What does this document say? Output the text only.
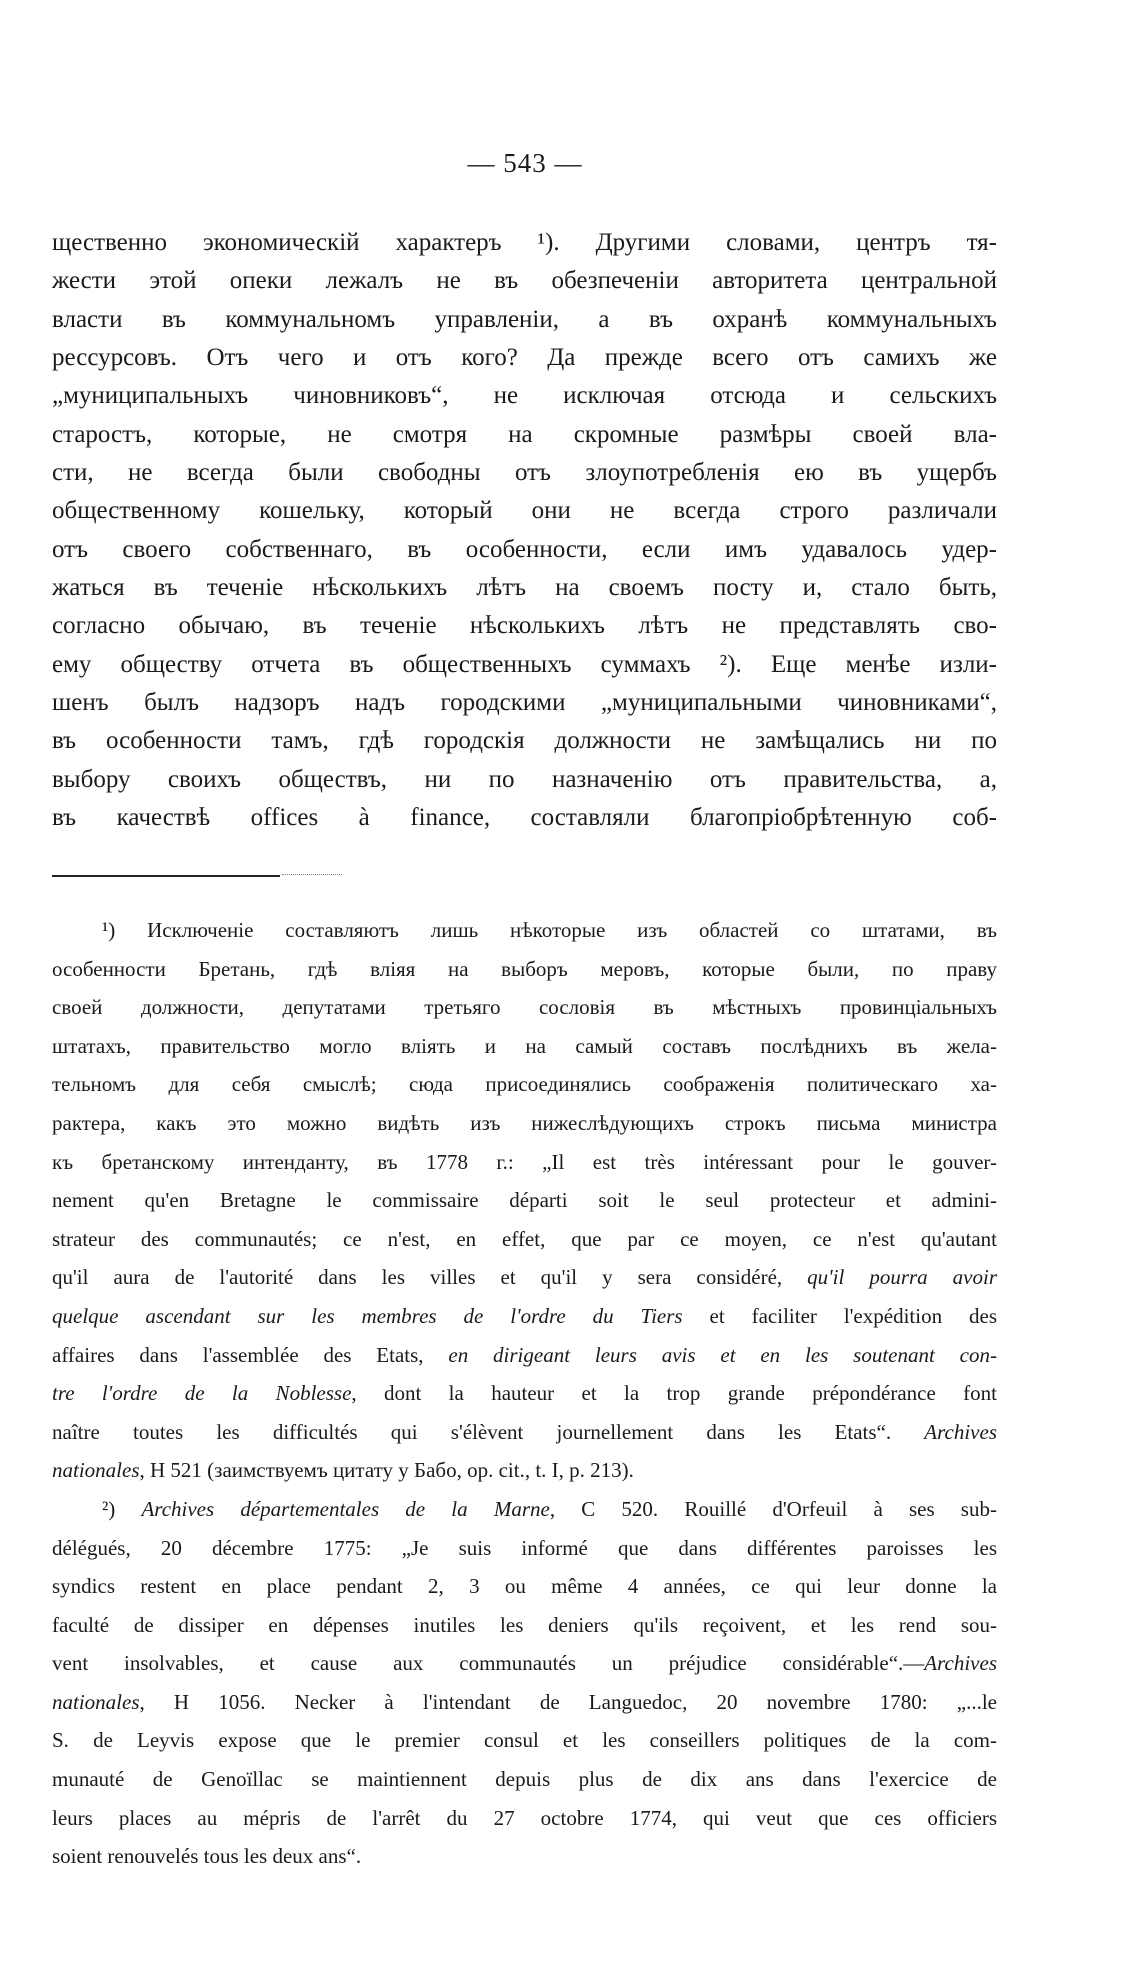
— 543 —
щественно экономическій характеръ ¹). Другими словами, центръ тя-
жести этой опеки лежалъ не въ обезпеченіи авторитета центральной
власти въ коммунальномъ управленіи, а въ охранѣ коммунальныхъ
рессурсовъ. Отъ чего и отъ кого? Да прежде всего отъ самихъ же
„муниципальныхъ чиновниковъ“, не исключая отсюда и сельскихъ
старостъ, которые, не смотря на скромные размѣры своей вла-
сти, не всегда были свободны отъ злоупотребленія ею въ ущербъ
общественному кошельку, который они не всегда строго различали
отъ своего собственнаго, въ особенности, если имъ удавалось удер-
жаться въ теченіе нѣсколькихъ лѣтъ на своемъ посту и, стало быть,
согласно обычаю, въ теченіе нѣсколькихъ лѣтъ не представлять сво-
ему обществу отчета въ общественныхъ суммахъ ²). Еще менѣе изли-
шенъ былъ надзоръ надъ городскими „муниципальными чиновниками“,
въ особенности тамъ, гдѣ городскія должности не замѣщались ни по
выбору своихъ обществъ, ни по назначенію отъ правительства, а,
въ качествѣ offices à finance, составляли благопріобрѣтенную соб-
¹) Исключеніе составляютъ лишь нѣкоторые изъ областей со штатами, въ
особенности Бретань, гдѣ вліяя на выборъ меровъ, которые были, по праву
своей должности, депутатами третьяго сословія въ мѣстныхъ провинціальныхъ
штатахъ, правительство могло вліять и на самый составъ послѣднихъ въ жела-
тельномъ для себя смыслѣ; сюда присоединялись соображенія политическаго ха-
рактера, какъ это можно видѣть изъ нижеслѣдующихъ строкъ письма министра
къ бретанскому интенданту, въ 1778 г.: „Il est très intéressant pour le gouver-
nement qu'en Bretagne le commissaire départi soit le seul protecteur et admini-
strateur des communautés; ce n'est, en effet, que par ce moyen, ce n'est qu'autant
qu'il aura de l'autorité dans les villes et qu'il y sera considéré, qu'il pourra avoir
quelque ascendant sur les membres de l'ordre du Tiers et faciliter l'expédition des
affaires dans l'assemblée des Etats, en dirigeant leurs avis et en les soutenant con-
tre l'ordre de la Noblesse, dont la hauteur et la trop grande prépondérance font
naître toutes les difficultés qui s'élèvent journellement dans les Etats“. Archives
nationales, H 521 (заимствуемъ цитату у Бабо, op. cit., t. I, p. 213).
²) Archives départementales de la Marne, C 520. Rouillé d'Orfeuil à ses sub-
délégués, 20 décembre 1775: „Je suis informé que dans différentes paroisses les
syndics restent en place pendant 2, 3 ou même 4 années, ce qui leur donne la
faculté de dissiper en dépenses inutiles les deniers qu'ils reçoivent, et les rend sou-
vent insolvables, et cause aux communautés un préjudice considérable“.—Archives
nationales, H 1056. Necker à l'intendant de Languedoc, 20 novembre 1780: „...le
S. de Leyvis expose que le premier consul et les conseillers politiques de la com-
munauté de Genoïllac se maintiennent depuis plus de dix ans dans l'exercice de
leurs places au mépris de l'arrêt du 27 octobre 1774, qui veut que ces officiers
soient renouvelés tous les deux ans“.
